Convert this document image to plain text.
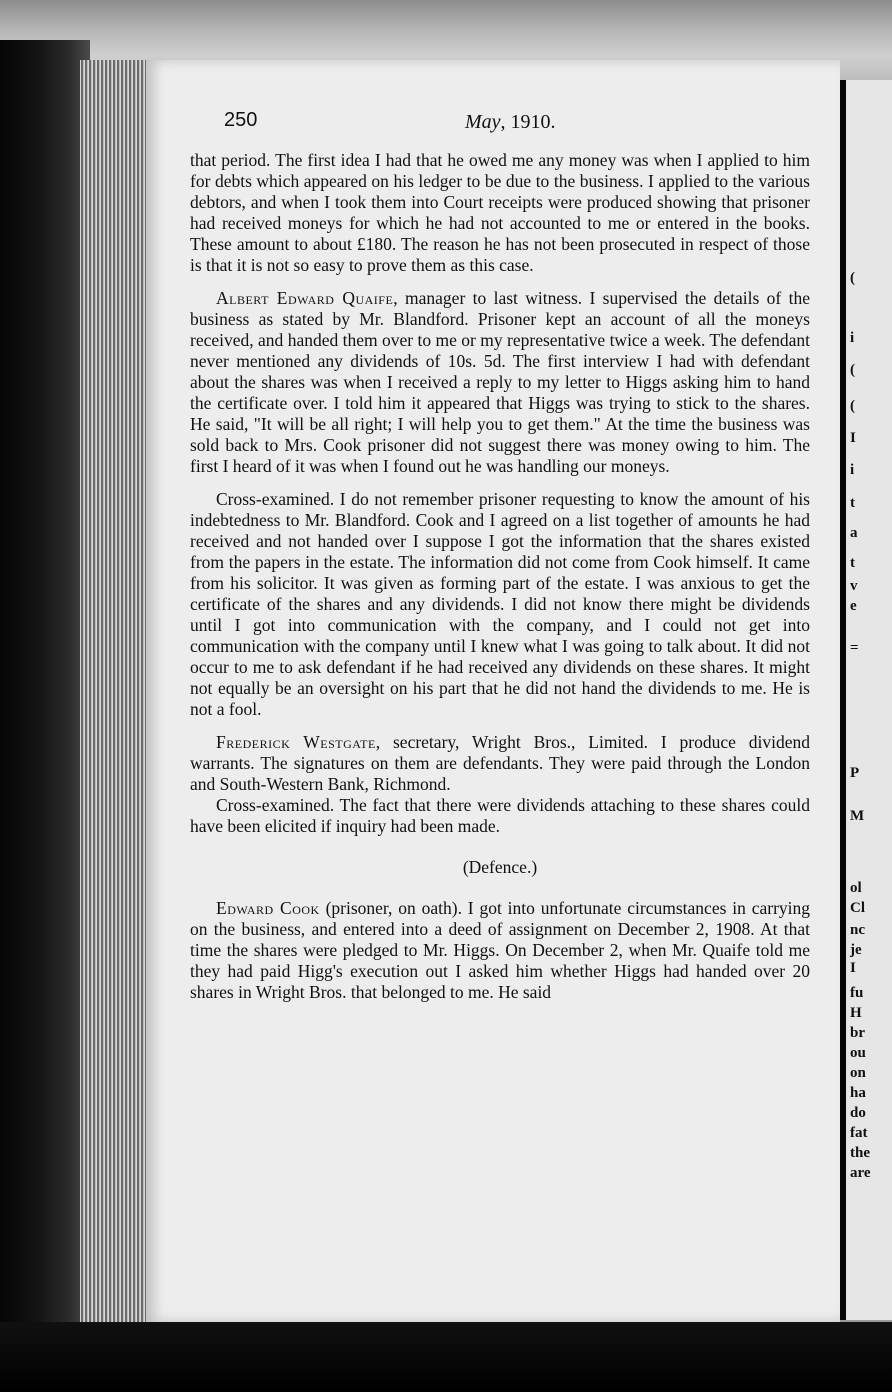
250	May, 1910.

that period. The first idea I had that he owed me any money was when I applied to him for debts which appeared on his ledger to be due to the business. I applied to the various debtors, and when I took them into Court receipts were produced showing that prisoner had received moneys for which he had not accounted to me or entered in the books. These amount to about £180. The reason he has not been prosecuted in respect of those is that it is not so easy to prove them as this case.

Albert Edward Quaife, manager to last witness. I supervised the details of the business as stated by Mr. Blandford. Prisoner kept an account of all the moneys received, and handed them over to me or my representative twice a week. The defendant never mentioned any dividends of 10s. 5d. The first interview I had with defendant about the shares was when I received a reply to my letter to Higgs asking him to hand the certificate over. I told him it appeared that Higgs was trying to stick to the shares. He said, "It will be all right; I will help you to get them." At the time the business was sold back to Mrs. Cook prisoner did not suggest there was money owing to him. The first I heard of it was when I found out he was handling our moneys.

Cross-examined. I do not remember prisoner requesting to know the amount of his indebtedness to Mr. Blandford. Cook and I agreed on a list together of amounts he had received and not handed over I suppose I got the information that the shares existed from the papers in the estate. The information did not come from Cook himself. It came from his solicitor. It was given as forming part of the estate. I was anxious to get the certificate of the shares and any dividends. I did not know there might be dividends until I got into communication with the company, and I could not get into communication with the company until I knew what I was going to talk about. It did not occur to me to ask defendant if he had received any dividends on these shares. It might not equally be an oversight on his part that he did not hand the dividends to me. He is not a fool.

Frederick Westgate, secretary, Wright Bros., Limited. I produce dividend warrants. The signatures on them are defendants. They were paid through the London and South-Western Bank, Richmond.

Cross-examined. The fact that there were dividends attaching to these shares could have been elicited if inquiry had been made.

(Defence.)

Edward Cook (prisoner, on oath). I got into unfortunate circumstances in carrying on the business, and entered into a deed of assignment on December 2, 1908. At that time the shares were pledged to Mr. Higgs. On December 2, when Mr. Quaife told me they had paid Higg's execution out I asked him whether Higgs had handed over 20 shares in Wright Bros. that belonged to me. He said

(
i
(
(
I
i
t
a
t
v
e
=
P
M
ol
Cl
nc
je
I
fu
H
br
ou
on
ha
do
fat
the
are
